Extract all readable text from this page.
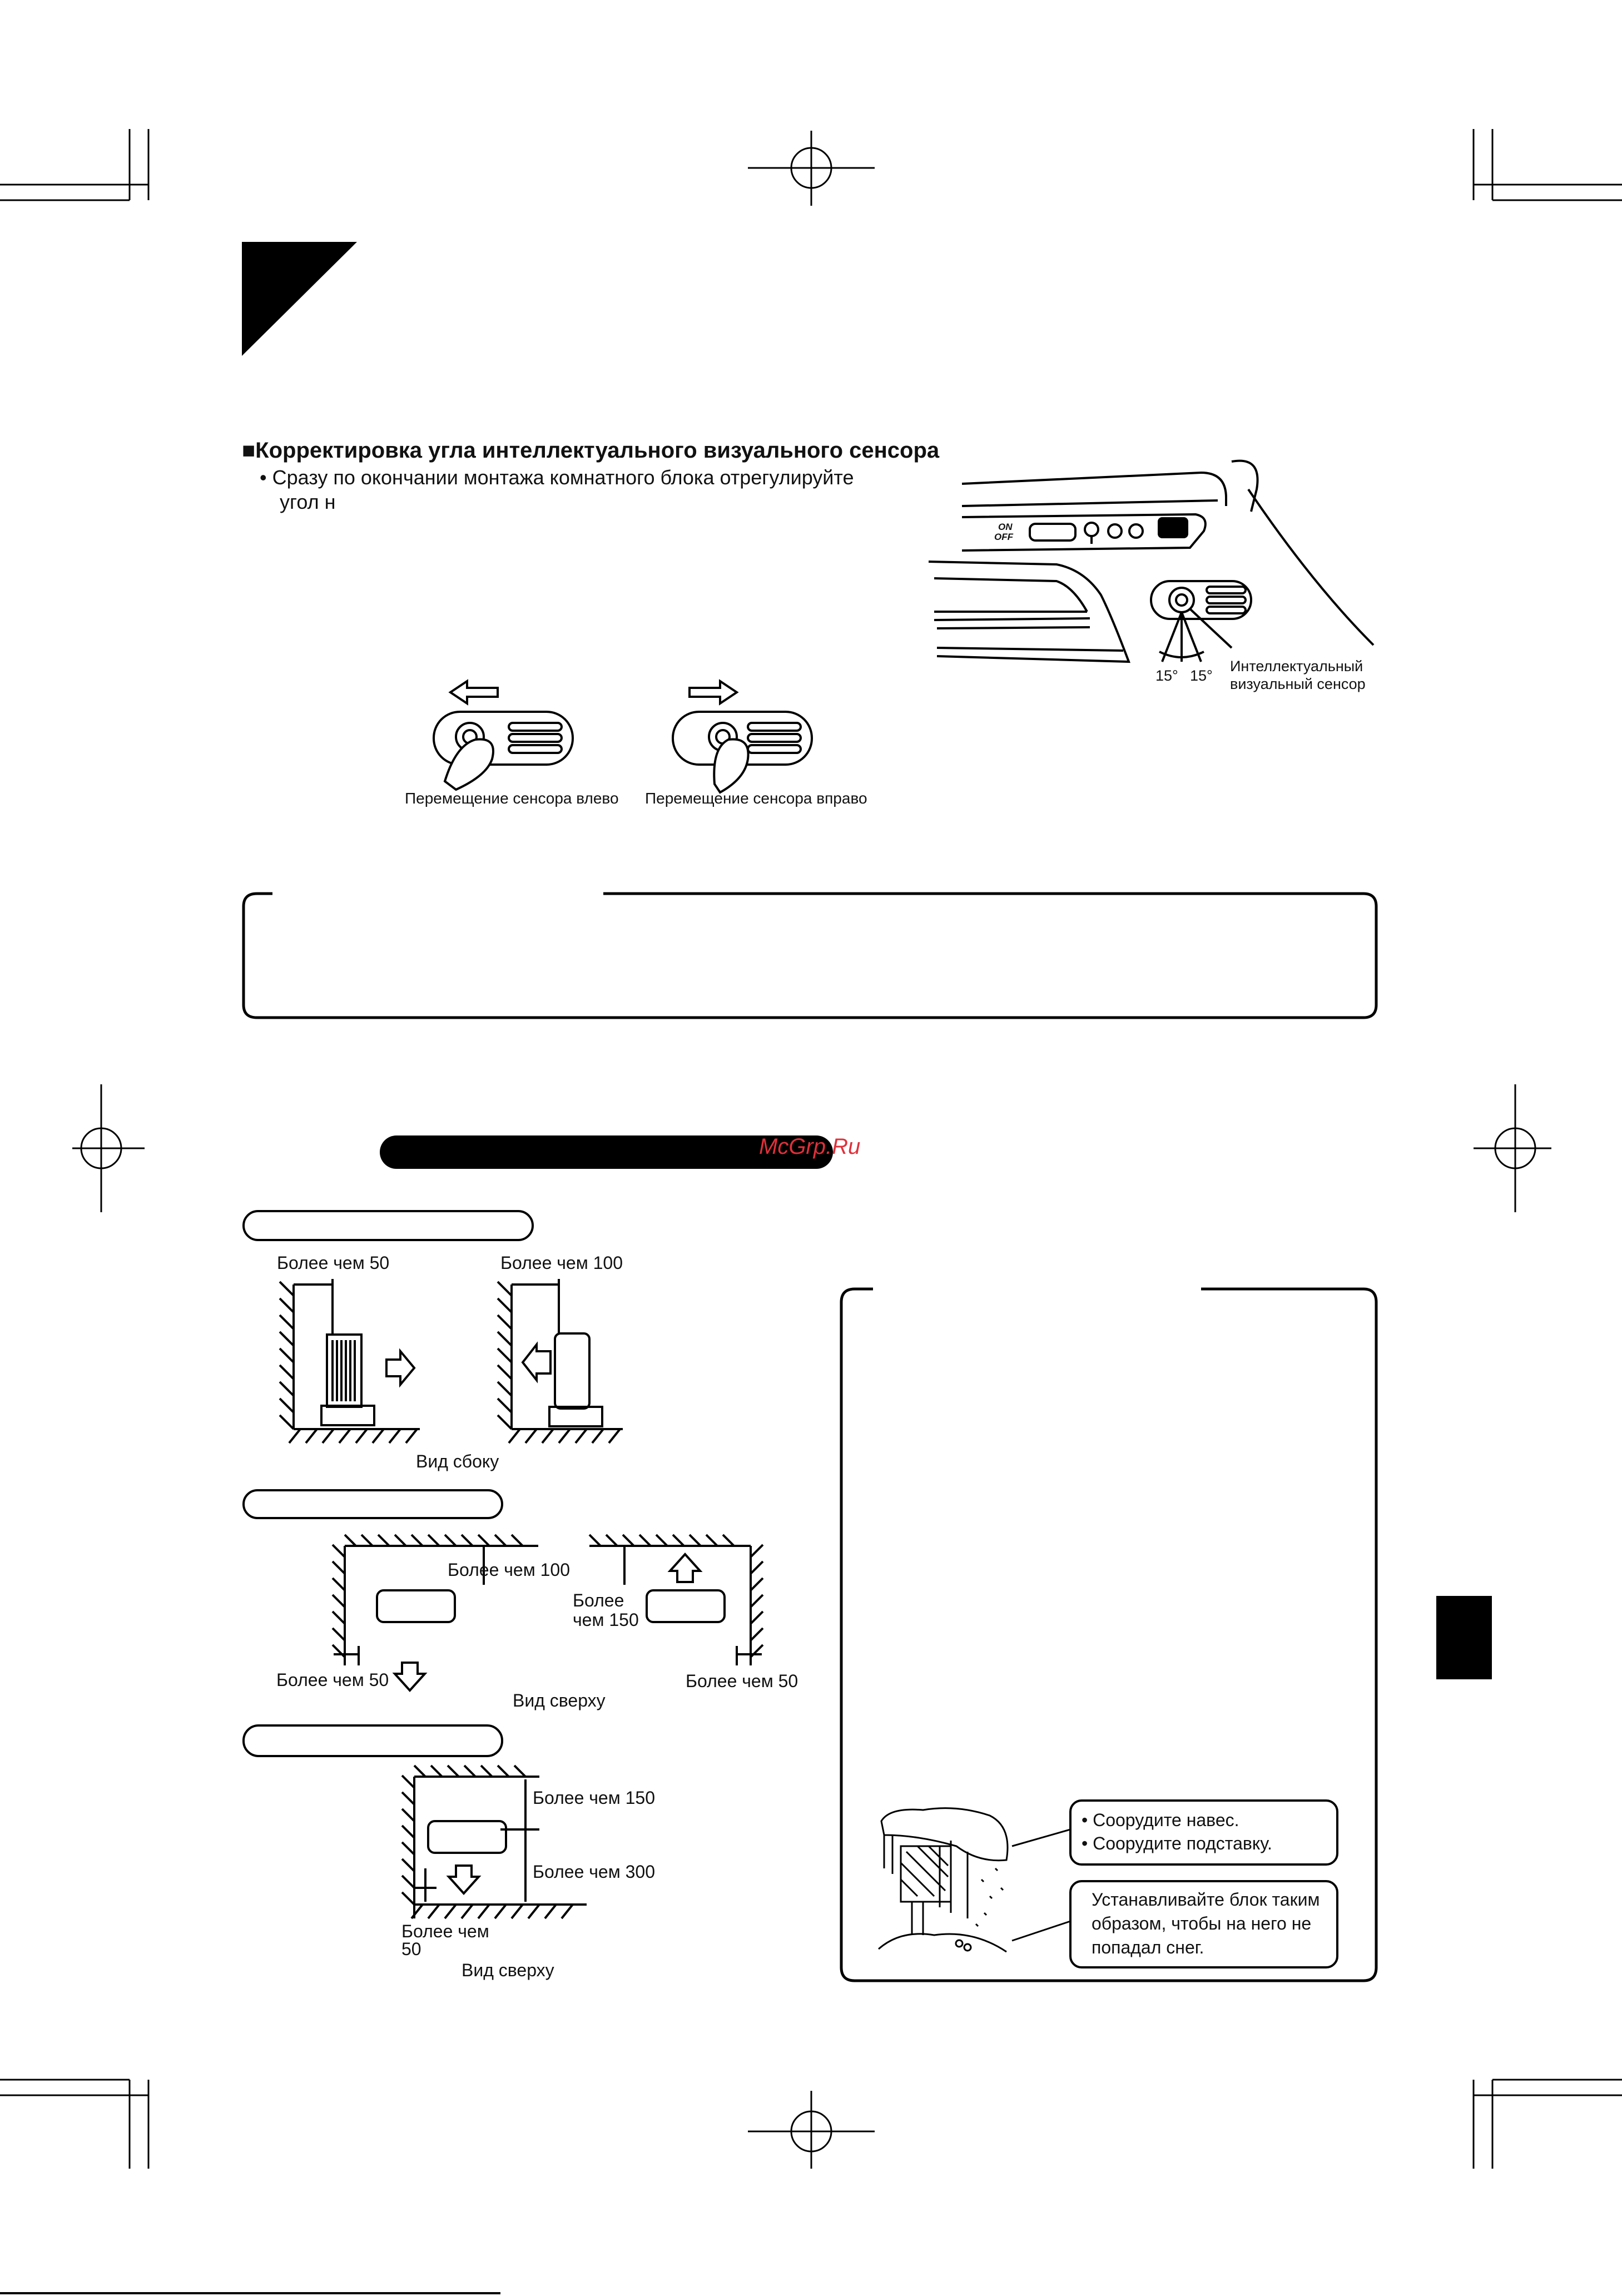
■Корректировка угла интеллектуального визуального сенсора
• Сразу по окончании монтажа комнатного блока отрегулируйте
угол н
ON
OFF
15° 15°
Интеллектуальный
визуальный сенсор
Перемещение сенсора влево Перемещение сенсора вправо
McGrp.Ru
Более чем 50	Более чем 100
Вид сбоку
Более чем 100
Более
чем 150
Более чем 50	Более чем 50
Вид сверху
Более чем 150
Более чем 300
Более чем
50
Вид сверху
• Соорудите навес.
• Соорудите подставку.
Устанавливайте блок таким
образом, чтобы на него не
попадал снег.
